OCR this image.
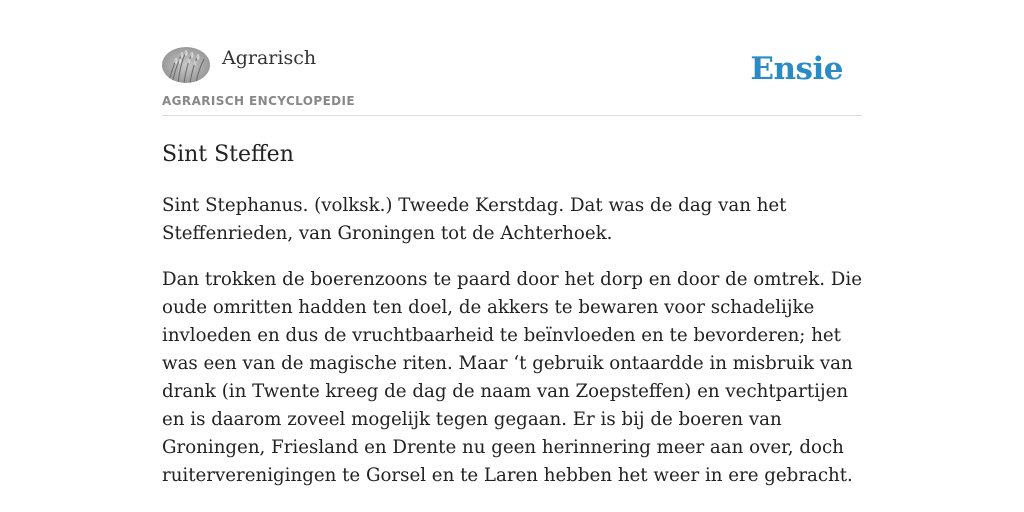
Agrarisch
AGRARISCH ENCYCLOPEDIE
Ensie
Sint Steffen

Sint Stephanus. (volksk.) Tweede Kerstdag. Dat was de dag van het Steffenrieden, van Groningen tot de Achterhoek.

Dan trokken de boerenzoons te paard door het dorp en door de omtrek. Die oude omritten hadden ten doel, de akkers te bewaren voor schadelijke invloeden en dus de vruchtbaarheid te beïnvloeden en te bevorderen; het was een van de magische riten. Maar ‘t gebruik ontaardde in misbruik van drank (in Twente kreeg de dag de naam van Zoepsteffen) en vechtpartijen en is daarom zoveel mogelijk tegen gegaan. Er is bij de boeren van Groningen, Friesland en Drente nu geen herinnering meer aan over, doch ruiterverenigingen te Gorsel en te Laren hebben het weer in ere gebracht.
